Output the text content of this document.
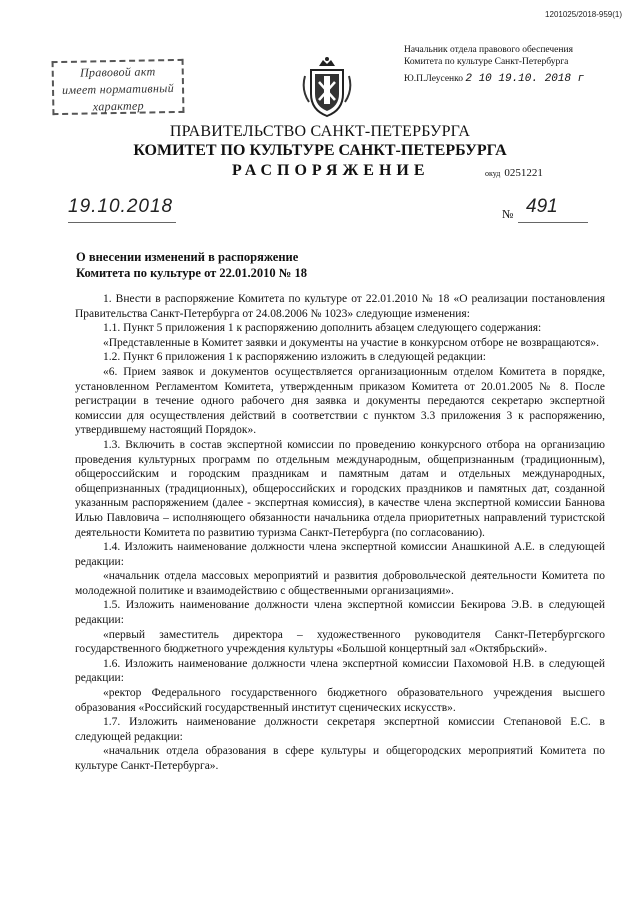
1201025/2018-959(1)
Правовой акт
имеет нормативный
характер
Начальник отдела правового обеспечения
Комитета по культуре Санкт-Петербурга
Ю.П.Леусенко 2 10 19.10. 2018 г
ПРАВИТЕЛЬСТВО САНКТ-ПЕТЕРБУРГА
КОМИТЕТ ПО КУЛЬТУРЕ САНКТ-ПЕТЕРБУРГА
РАСПОРЯЖЕНИЕ	окуд 0251221
19.10.2018	№ 491
О внесении изменений в распоряжение
Комитета по культуре от 22.01.2010 № 18

1. Внести в распоряжение Комитета по культуре от 22.01.2010 № 18 «О реализации постановления Правительства Санкт-Петербурга от 24.08.2006 № 1023» следующие изменения:

1.1. Пункт 5 приложения 1 к распоряжению дополнить абзацем следующего содержания:

«Представленные в Комитет заявки и документы на участие в конкурсном отборе не возвращаются».

1.2. Пункт 6 приложения 1 к распоряжению изложить в следующей редакции:

«6. Прием заявок и документов осуществляется организационным отделом Комитета в порядке, установленном Регламентом Комитета, утвержденным приказом Комитета от 20.01.2005 № 8. После регистрации в течение одного рабочего дня заявка и документы передаются секретарю экспертной комиссии для осуществления действий в соответствии с пунктом 3.3 приложения 3 к распоряжению, утвердившему настоящий Порядок».

1.3. Включить в состав экспертной комиссии по проведению конкурсного отбора на организацию проведения культурных программ по отдельным международным, общепризнанным (традиционным), общероссийским и городским праздникам и памятным датам и отдельных международных, общепризнанных (традиционных), общероссийских и городских праздников и памятных дат, созданной указанным распоряжением (далее - экспертная комиссия), в качестве члена экспертной комиссии Баннова Илью Павловича – исполняющего обязанности начальника отдела приоритетных направлений туристской деятельности Комитета по развитию туризма Санкт-Петербурга (по согласованию).

1.4. Изложить наименование должности члена экспертной комиссии Анашкиной А.Е. в следующей редакции:

«начальник отдела массовых мероприятий и развития добровольческой деятельности Комитета по молодежной политике и взаимодействию с общественными организациями».

1.5. Изложить наименование должности члена экспертной комиссии Бекирова Э.В. в следующей редакции:

«первый заместитель директора – художественного руководителя Санкт-Петербургского государственного бюджетного учреждения культуры «Большой концертный зал «Октябрьский».

1.6. Изложить наименование должности члена экспертной комиссии Пахомовой Н.В. в следующей редакции:

«ректор Федерального государственного бюджетного образовательного учреждения высшего образования «Российский государственный институт сценических искусств».

1.7. Изложить наименование должности секретаря экспертной комиссии Степановой Е.С. в следующей редакции:

«начальник отдела образования в сфере культуры и общегородских мероприятий Комитета по культуре Санкт-Петербурга».
